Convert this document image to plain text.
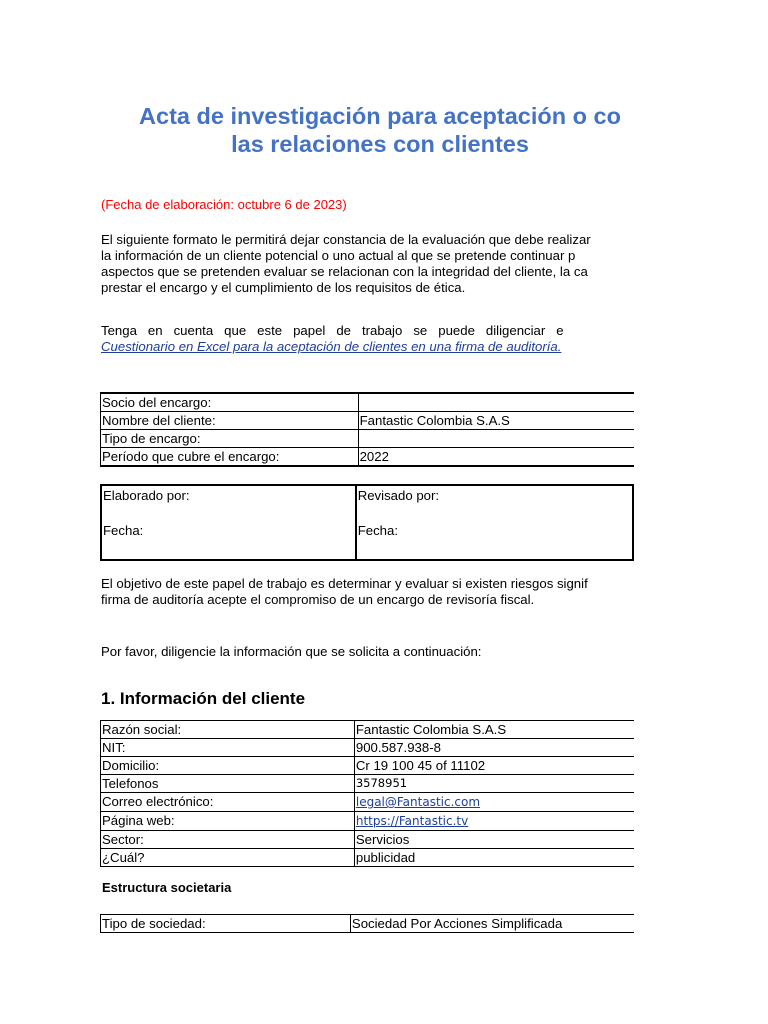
Acta de investigación para aceptación o co
las relaciones con clientes
(Fecha de elaboración: octubre 6 de 2023)

El siguiente formato le permitirá dejar constancia de la evaluación que debe realizar
la información de un cliente potencial o uno actual al que se pretende continuar p
aspectos que se pretenden evaluar se relacionan con la integridad del cliente, la ca
prestar el encargo y el cumplimiento de los requisitos de ética.

Tenga   en   cuenta   que   este   papel   de   trabajo   se   puede   diligenciar   e
Cuestionario en Excel para la aceptación de clientes en una firma de auditoría.

Socio del encargo:	
Nombre del cliente:	Fantastic Colombia S.A.S
Tipo de encargo:	
Período que cubre el encargo:	2022
Elaborado por:
Fecha:

Revisado por:
Fecha:

El objetivo de este papel de trabajo es determinar y evaluar si existen riesgos signif
firma de auditoría acepte el compromiso de un encargo de revisoría fiscal.

Por favor, diligencie la información que se solicita a continuación:

1. Información del cliente
Razón social:	Fantastic Colombia S.A.S
NIT:	900.587.938-8
Domicilio:	Cr 19 100 45 of 11102
Telefonos	3578951
Correo electrónico:	legal@Fantastic.com
Página web:	https://Fantastic.tv
Sector:	Servicios
¿Cuál?	publicidad
Estructura societaria
Tipo de sociedad:	Sociedad Por Acciones Simplificada
